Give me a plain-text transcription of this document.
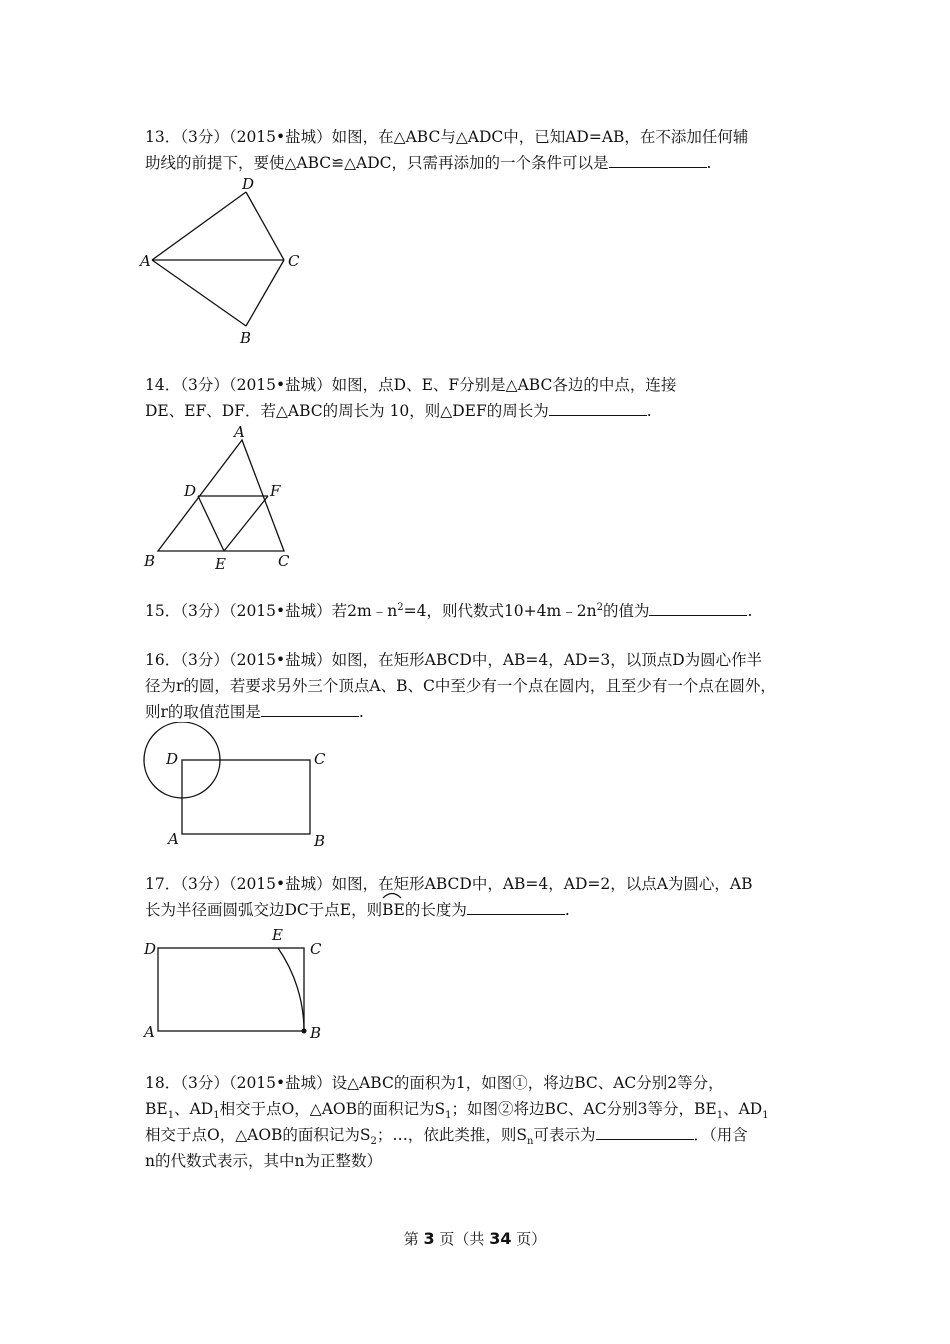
13．（3分）（2015•盐城）如图，在△ABC与△ADC中，已知AD=AB，在不添加任何辅
助线的前提下，要使△ABC≌△ADC，只需再添加的一个条件可以是	.
D
A	C
B
14．（3分）（2015•盐城）如图，点D、E、F分别是△ABC各边的中点，连接
DE、EF、DF．若△ABC的周长为 10，则△DEF的周长为	.
A
D	F
B	E	C
15．（3分）（2015•盐城）若$2m﹣n^2=4$，则代数式$10+4m﹣2n^2$的值为	.
16．（3分）（2015•盐城）如图，在矩形ABCD中，AB=4，AD=3，以顶点D为圆心作半
径为r的圆，若要求另外三个顶点A、B、C中至少有一个点在圆内，且至少有一个点在圆外，
则r的取值范围是	.
D	C
A	B
17．（3分）（2015•盐城）如图，在矩形ABCD中，AB=4，AD=2，以点A为圆心，AB
长为半径画圆弧交边DC于点E，则
BE的长度为	.
D
E
C
A	B
18．（3分）（2015•盐城）设△ABC的面积为1，如图①，将边BC、AC分别2等分，
$BE_1$、$AD_1$相交于点O，△AOB的面积记为$S_1$；如图②将边BC、AC分别3等分，$BE_1$、$AD_1$
相交于点O，△AOB的面积记为$S_2$；…，依此类推，则$S_n$可表示为	．（用含
n的代数式表示，其中n为正整数）
第 3 页（共 34 页）
